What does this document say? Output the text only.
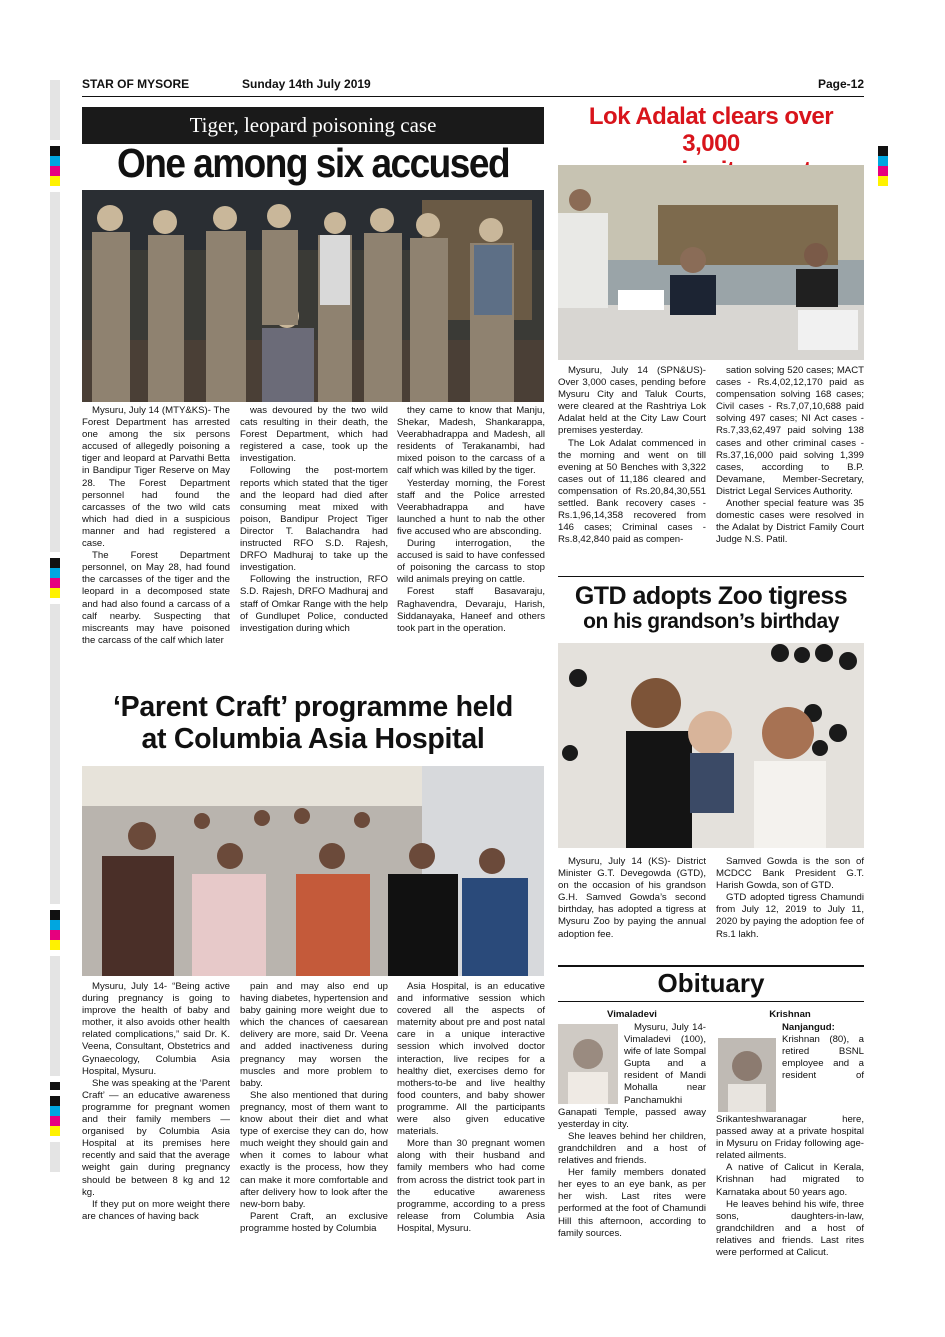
STAR OF MYSORE	Sunday 14th July 2019	Page-12
Tiger, leopard poisoning case
One among six accused

Mysuru, July 14 (MTY&KS)- The Forest Department has arrested one among the six persons accused of allegedly poisoning a tiger and leopard at Parvathi Betta in Bandipur Tiger Reserve on May 28. The Forest Department personnel had found the carcasses of the two wild cats which had died in a suspicious manner and had registered a case.

The Forest Department personnel, on May 28, had found the carcasses of the tiger and the leopard in a decomposed state and had also found a carcass of a calf nearby. Suspecting that miscreants may have poisoned the carcass of the calf which later

was devoured by the two wild cats resulting in their death, the Forest Department, which had registered a case, took up the investigation.

Following the post-mortem reports which stated that the tiger and the leopard had died after consuming meat mixed with poison, Bandipur Project Tiger Director T. Balachandra had instructed RFO S.D. Rajesh, DRFO Madhuraj to take up the investigation.

Following the instruction, RFO S.D. Rajesh, DRFO Madhuraj and staff of Omkar Range with the help of Gundlupet Police, conducted investigation during which

they came to know that Manju, Shekar, Madesh, Shankarappa, Veerabhadrappa and Madesh, all residents of Terakanambi, had mixed poison to the carcass of a calf which was killed by the tiger.

Yesterday morning, the Forest staff and the Police arrested Veerabhadrappa and have launched a hunt to nab the other five accused who are absconding.

During interrogation, the accused is said to have confessed of poisoning the carcass to stop wild animals preying on cattle.

Forest staff Basavaraju, Raghavendra, Devaraju, Harish, Siddanayaka, Haneef and others took part in the operation.

Lok Adalat clears over 3,000

Mysuru, July 14 (SPN&US)- Over 3,000 cases, pending before Mysuru City and Taluk Courts, were cleared at the Rashtriya Lok Adalat held at the City Law Court premises yesterday.

The Lok Adalat commenced in the morning and went on till evening at 50 Benches with 3,322 cases out of 11,186 cleared and compensation of Rs.20,84,30,551 settled. Bank recovery cases - Rs.1,96,14,358 recovered from 146 cases; Criminal cases - Rs.8,42,840 paid as compen-

sation solving 520 cases; MACT cases - Rs.4,02,12,170 paid as compensation solving 168 cases; Civil cases - Rs.7,07,10,688 paid solving 497 cases; NI Act cases - Rs.7,33,62,497 paid solving 138 cases and other criminal cases - Rs.37,16,000 paid solving 1,399 cases, according to B.P. Devamane, Member-Secretary, District Legal Services Authority.

Another special feature was 35 domestic cases were resolved in the Adalat by District Family Court Judge N.S. Patil.

GTD adopts Zoo tigress
on his grandson’s birthday

Mysuru, July 14 (KS)- District Minister G.T. Devegowda (GTD), on the occasion of his grandson G.H. Samved Gowda’s second birthday, has adopted a tigress at Mysuru Zoo by paying the annual adoption fee.

Samved Gowda is the son of MCDCC Bank President G.T. Harish Gowda, son of GTD.

GTD adopted tigress Chamundi from July 12, 2019 to July 11, 2020 by paying the adoption fee of Rs.1 lakh.

‘Parent Craft’ programme held
at Columbia Asia Hospital

Mysuru, July 14- “Being active during pregnancy is going to improve the health of baby and mother, it also avoids other health related complications,” said Dr. K. Veena, Consultant, Obstetrics and Gynaecology, Columbia Asia Hospital, Mysuru.

She was speaking at the ‘Parent Craft’ — an educative awareness programme for pregnant women and their family members — organised by Columbia Asia Hospital at its premises here recently and said that the average weight gain during pregnancy should be between 8 kg and 12 kg.

If they put on more weight there are chances of having back

pain and may also end up having diabetes, hypertension and baby gaining more weight due to which the chances of caesarean delivery are more, said Dr. Veena and added inactiveness during pregnancy may worsen the muscles and more problem to baby.

She also mentioned that during pregnancy, most of them want to know about their diet and what type of exercise they can do, how much weight they should gain and when it comes to labour what exactly is the process, how they can make it more comfortable and after delivery how to look after the new-born baby.

Parent Craft, an exclusive programme hosted by Columbia

Asia Hospital, is an educative and informative session which covered all the aspects of maternity about pre and post natal care in a unique interactive session which involved doctor interaction, live recipes for a healthy diet, exercises demo for mothers-to-be and live healthy food counters, and baby shower programme. All the participants were also given educative materials.

More than 30 pregnant women along with their husband and family members who had come from across the district took part in the educative awareness programme, according to a press release from Columbia Asia Hospital, Mysuru.

Obituary
Vimaladevi

Mysuru, July 14- Vimaladevi (100), wife of late Sompal Gupta and a resident of Mandi Mohalla near Panchamukhi Ganapati Temple, passed away yesterday in city.

She leaves behind her children, grandchildren and a host of relatives and friends.

Her family members donated her eyes to an eye bank, as per her wish. Last rites were performed at the foot of Chamundi Hill this afternoon, according to family sources.

Krishnan

Nanjangud: Krishnan (80), a retired BSNL employee and a resident of Srikanteshwaranagar here, passed away at a private hospital in Mysuru on Friday following age-related ailments.

A native of Calicut in Kerala, Krishnan had migrated to Karnataka about 50 years ago.

He leaves behind his wife, three sons, daughters-in-law, grandchildren and a host of relatives and friends. Last rites were performed at Calicut.
